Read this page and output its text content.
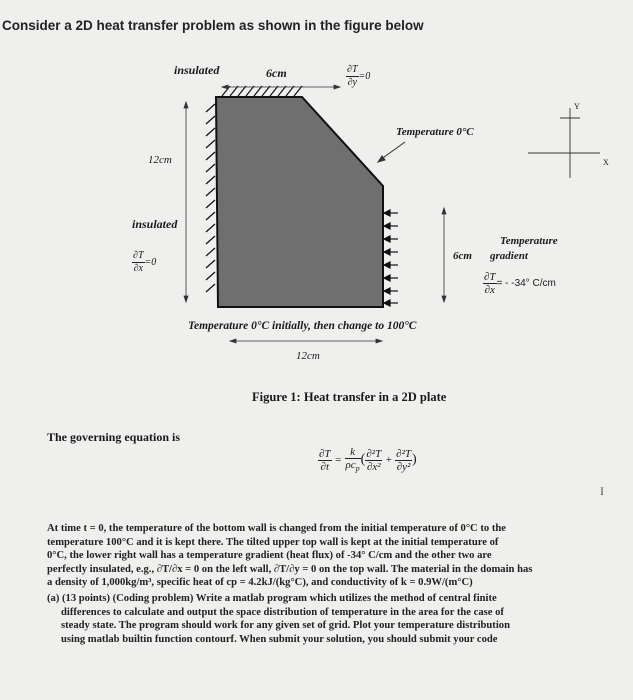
Consider a 2D heat transfer problem as shown in the figure below
insulated	6cm	$\frac{\partial T}{\partial y} =0$
Temperature 0°C
12cm
insulated
$\frac{\partial T}{\partial x} =0$
6cm
Temperature
gradient
$\frac{\partial T}{\partial x}$ = - -34° C/cm
Temperature 0°C initially, then change to 100°C
12cm
Y
X
Figure 1: Heat transfer in a 2D plate
The governing equation is
$\frac{\partial T}{\partial t} = \frac{k}{\rho c_p}$ ( $\frac{\text{∂²T}}{\text{∂x²}} + \frac{\text{∂²T}}{\text{∂y²}}$ )
I
At time t = 0, the temperature of the bottom wall is changed from the initial temperature of 0°C to the
temperature 100°C and it is kept there. The tilted upper top wall is kept at the initial temperature of
0°C, the lower right wall has a temperature gradient (heat flux) of -34° C/cm and the other two are
perfectly insulated, e.g., ∂T/∂x = 0 on the left wall, ∂T/∂y = 0 on the top wall. The material in the domain has
a density of 1,000kg/m³, specific heat of cp = 4.2kJ/(kg°C), and conductivity of k = 0.9W/(m°C)
(a) (13 points) (Coding problem) Write a matlab program which utilizes the method of central finite
differences to calculate and output the space distribution of temperature in the area for the case of
steady state. The program should work for any given set of grid. Plot your temperature distribution
using matlab builtin function contourf. When submit your solution, you should submit your code
